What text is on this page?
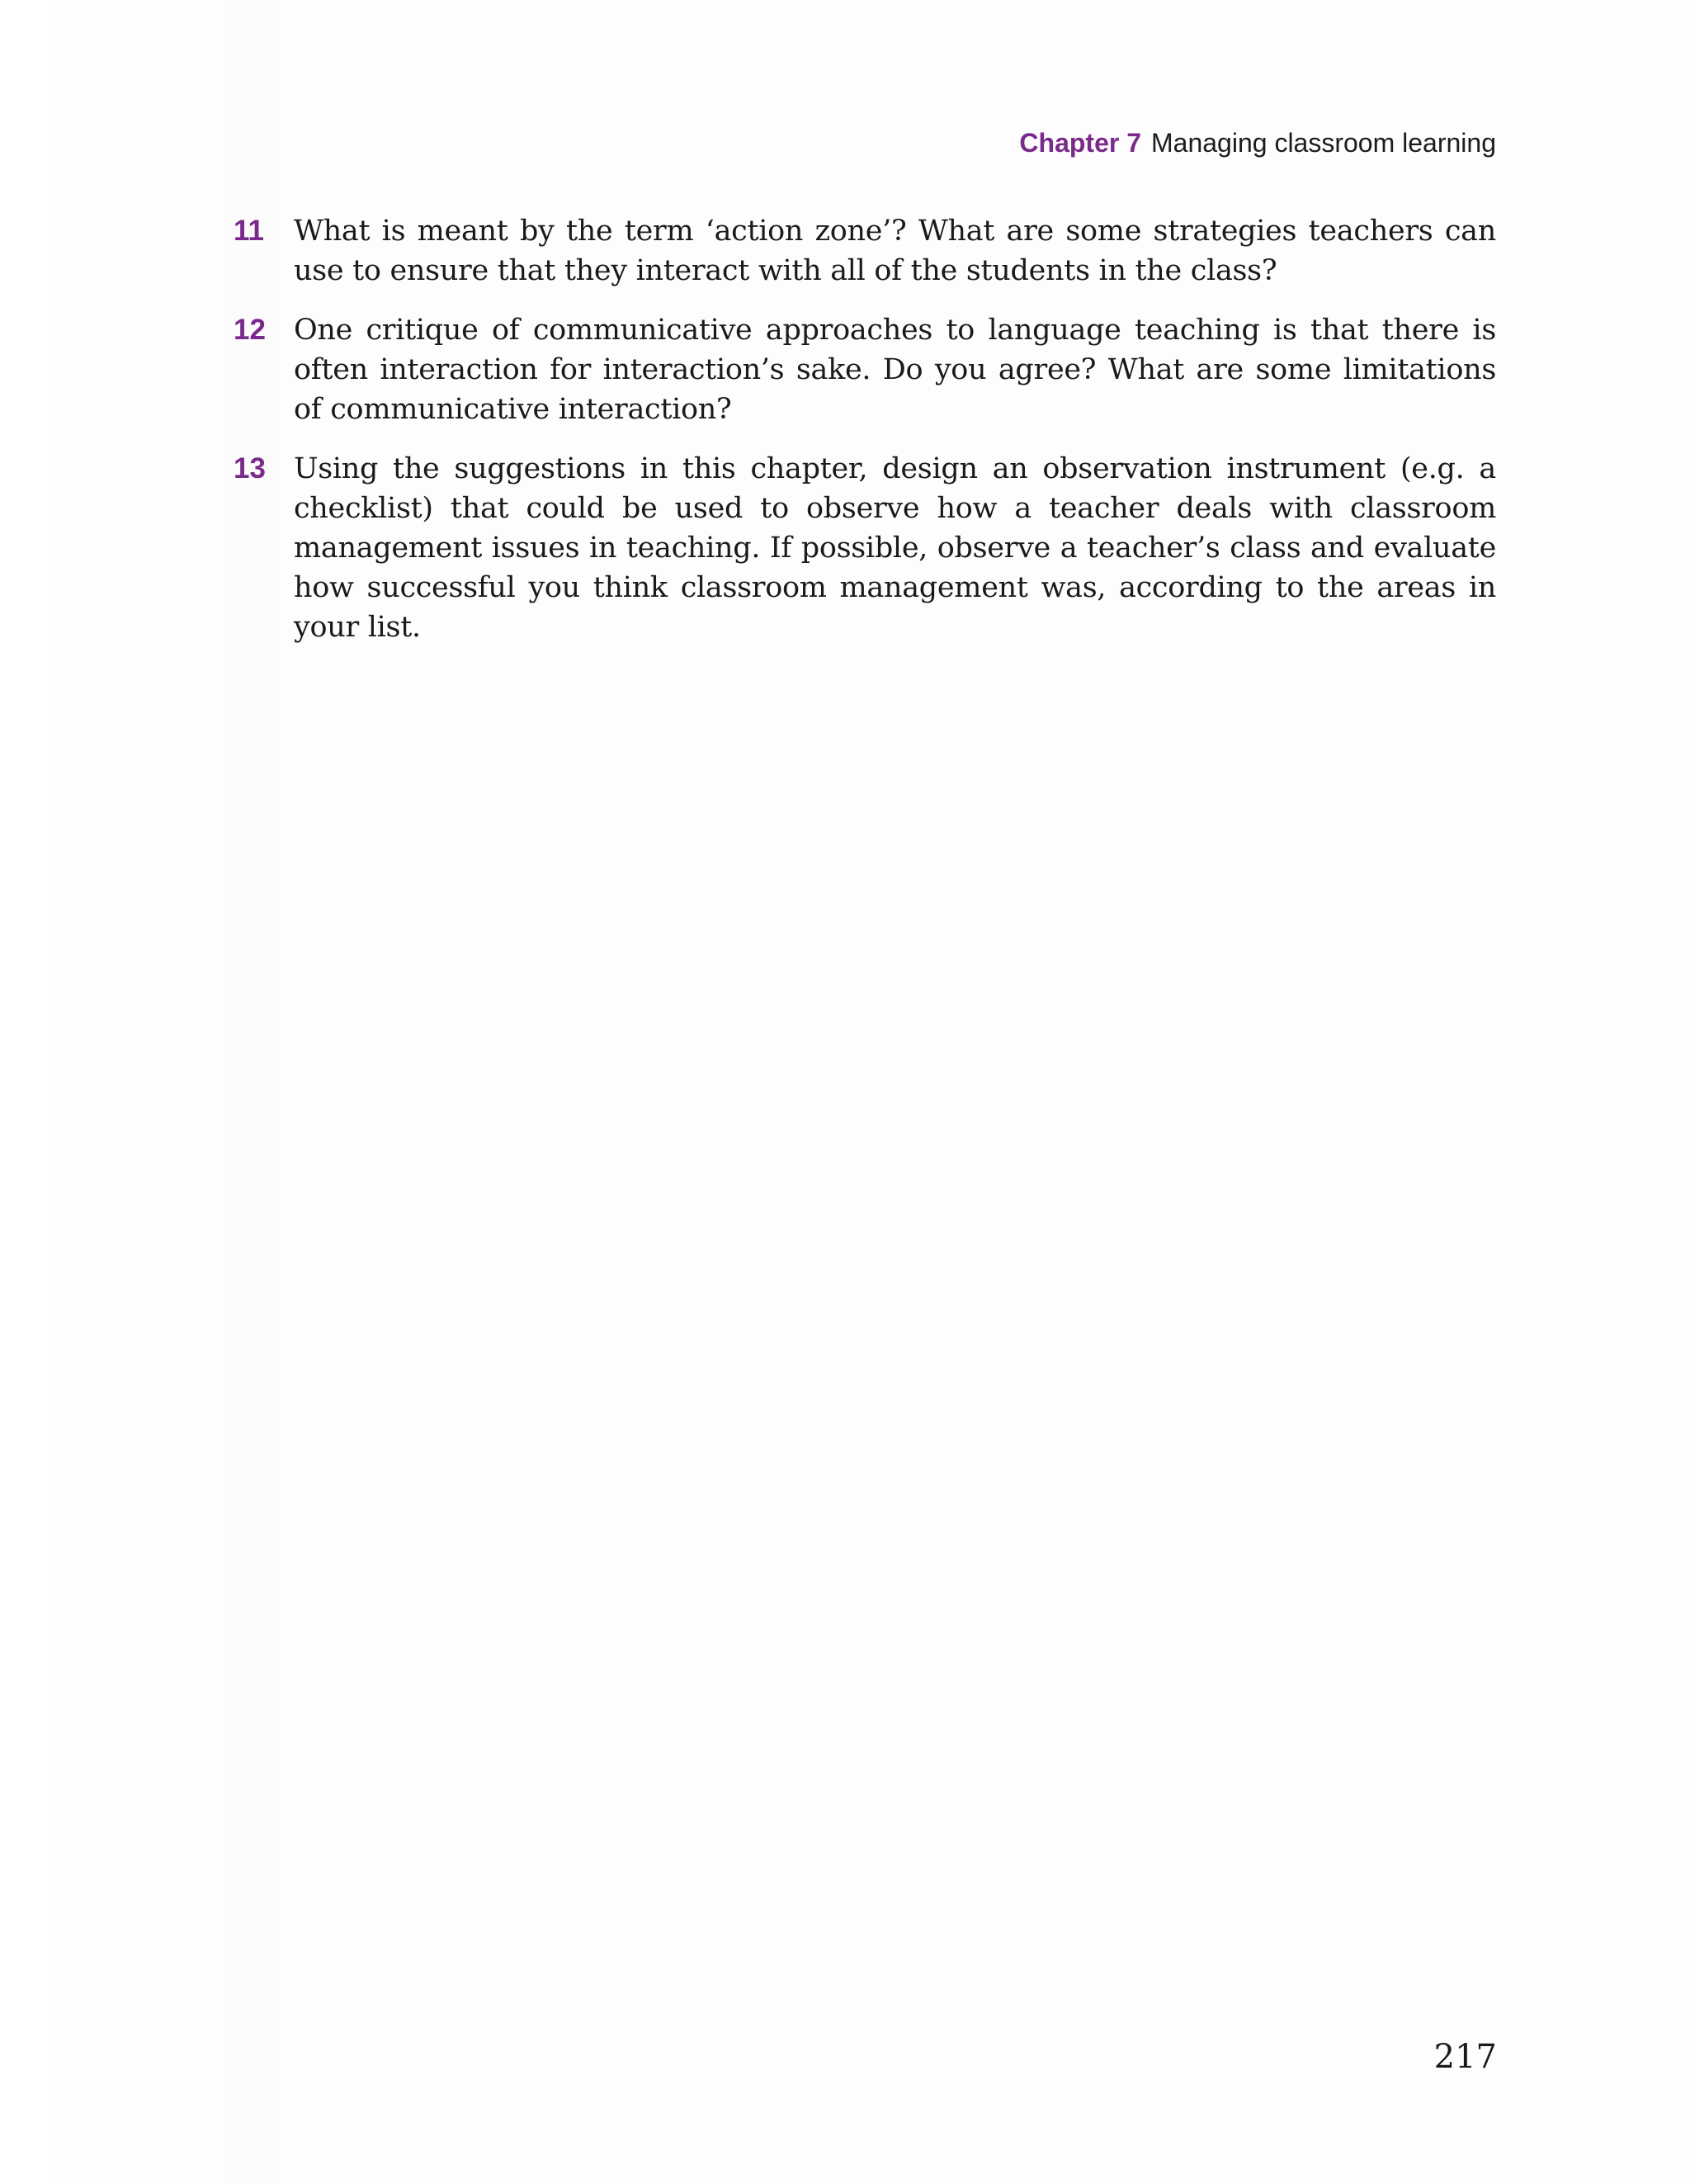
Chapter 7 Managing classroom learning
11	What is meant by the term ‘action zone’? What are some strategies teachers can use to ensure that they interact with all of the students in the class?
12 One critique of communicative approaches to language teaching is that there is often interaction for interaction’s sake. Do you agree? What are some limitations of communicative interaction?
13 Using the suggestions in this chapter, design an observation instrument (e.g. a checklist) that could be used to observe how a teacher deals with classroom management issues in teaching. If possible, observe a teacher’s class and evaluate how successful you think classroom management was, according to the areas in your list.
217
